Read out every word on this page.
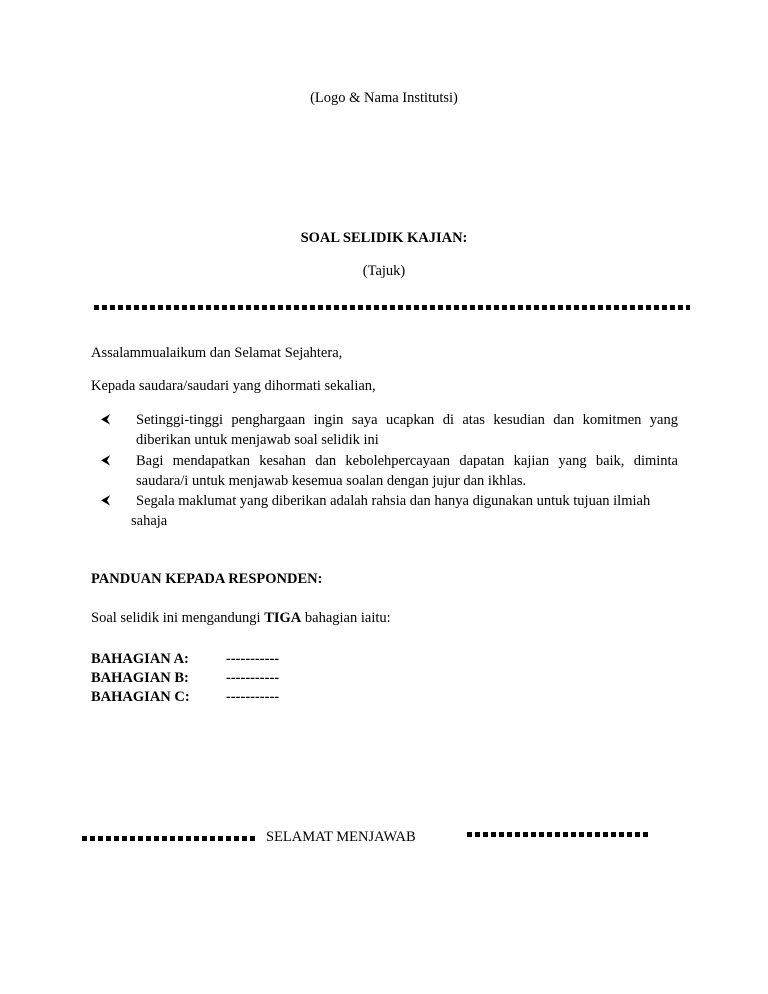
(Logo & Nama Institutsi)
SOAL SELIDIK KAJIAN:
(Tajuk)
Assalammualaikum dan Selamat Sejahtera,
Kepada saudara/saudari yang dihormati sekalian,
⮜ Setinggi-tinggi penghargaan ingin saya ucapkan di atas kesudian dan komitmen yang
diberikan untuk menjawab soal selidik ini
⮜ Bagi mendapatkan kesahan dan kebolehpercayaan dapatan kajian yang baik, diminta
saudara/i untuk menjawab kesemua soalan dengan jujur dan ikhlas.
⮜ Segala maklumat yang diberikan adalah rahsia dan hanya digunakan untuk tujuan ilmiah
sahaja
PANDUAN KEPADA RESPONDEN:
Soal selidik ini mengandungi TIGA bahagian iaitu:
BAHAGIAN A:	-----------
BAHAGIAN B:	-----------
BAHAGIAN C:	-----------
SELAMAT MENJAWAB
